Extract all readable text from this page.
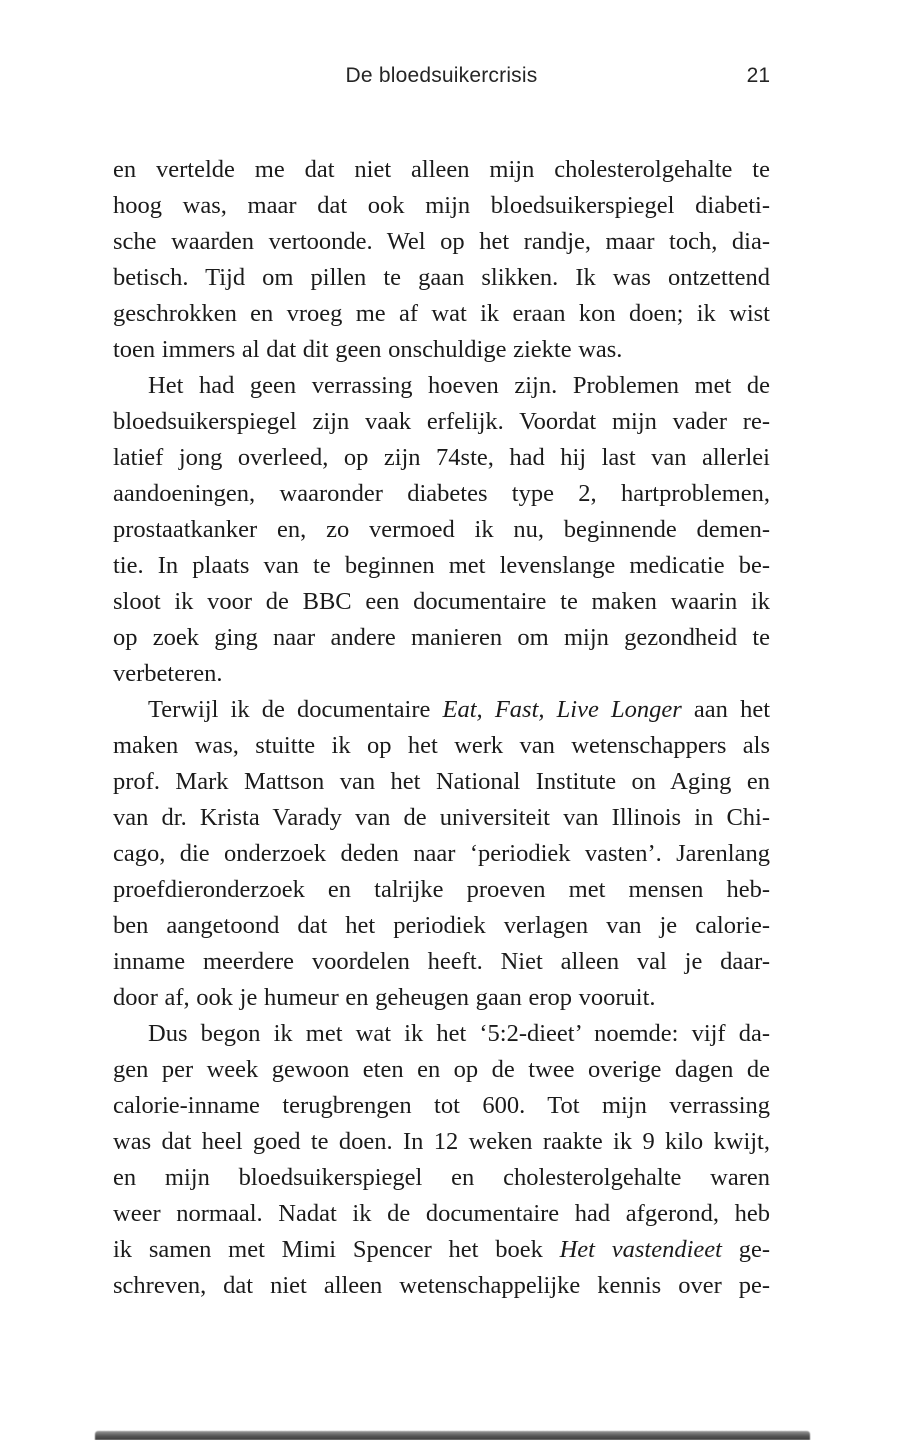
De bloedsuikercrisis	21
en vertelde me dat niet alleen mijn cholesterolgehalte te
hoog was, maar dat ook mijn bloedsuikerspiegel diabeti-
sche waarden vertoonde. Wel op het randje, maar toch, dia-
betisch. Tijd om pillen te gaan slikken. Ik was ontzettend
geschrokken en vroeg me af wat ik eraan kon doen; ik wist
toen immers al dat dit geen onschuldige ziekte was.
Het had geen verrassing hoeven zijn. Problemen met de
bloedsuikerspiegel zijn vaak erfelijk. Voordat mijn vader re-
latief jong overleed, op zijn 74ste, had hij last van allerlei
aandoeningen, waaronder diabetes type 2, hartproblemen,
prostaatkanker en, zo vermoed ik nu, beginnende demen-
tie. In plaats van te beginnen met levenslange medicatie be-
sloot ik voor de BBC een documentaire te maken waarin ik
op zoek ging naar andere manieren om mijn gezondheid te
verbeteren.
Terwijl ik de documentaire Eat, Fast, Live Longer aan het
maken was, stuitte ik op het werk van wetenschappers als
prof. Mark Mattson van het National Institute on Aging en
van dr. Krista Varady van de universiteit van Illinois in Chi-
cago, die onderzoek deden naar ‘periodiek vasten’. Jarenlang
proefdieronderzoek en talrijke proeven met mensen heb-
ben aangetoond dat het periodiek verlagen van je calorie-
inname meerdere voordelen heeft. Niet alleen val je daar-
door af, ook je humeur en geheugen gaan erop vooruit.
Dus begon ik met wat ik het ‘5:2-dieet’ noemde: vijf da-
gen per week gewoon eten en op de twee overige dagen de
calorie-inname terugbrengen tot 600. Tot mijn verrassing
was dat heel goed te doen. In 12 weken raakte ik 9 kilo kwijt,
en mijn bloedsuikerspiegel en cholesterolgehalte waren
weer normaal. Nadat ik de documentaire had afgerond, heb
ik samen met Mimi Spencer het boek Het vastendieet ge-
schreven, dat niet alleen wetenschappelijke kennis over pe-
